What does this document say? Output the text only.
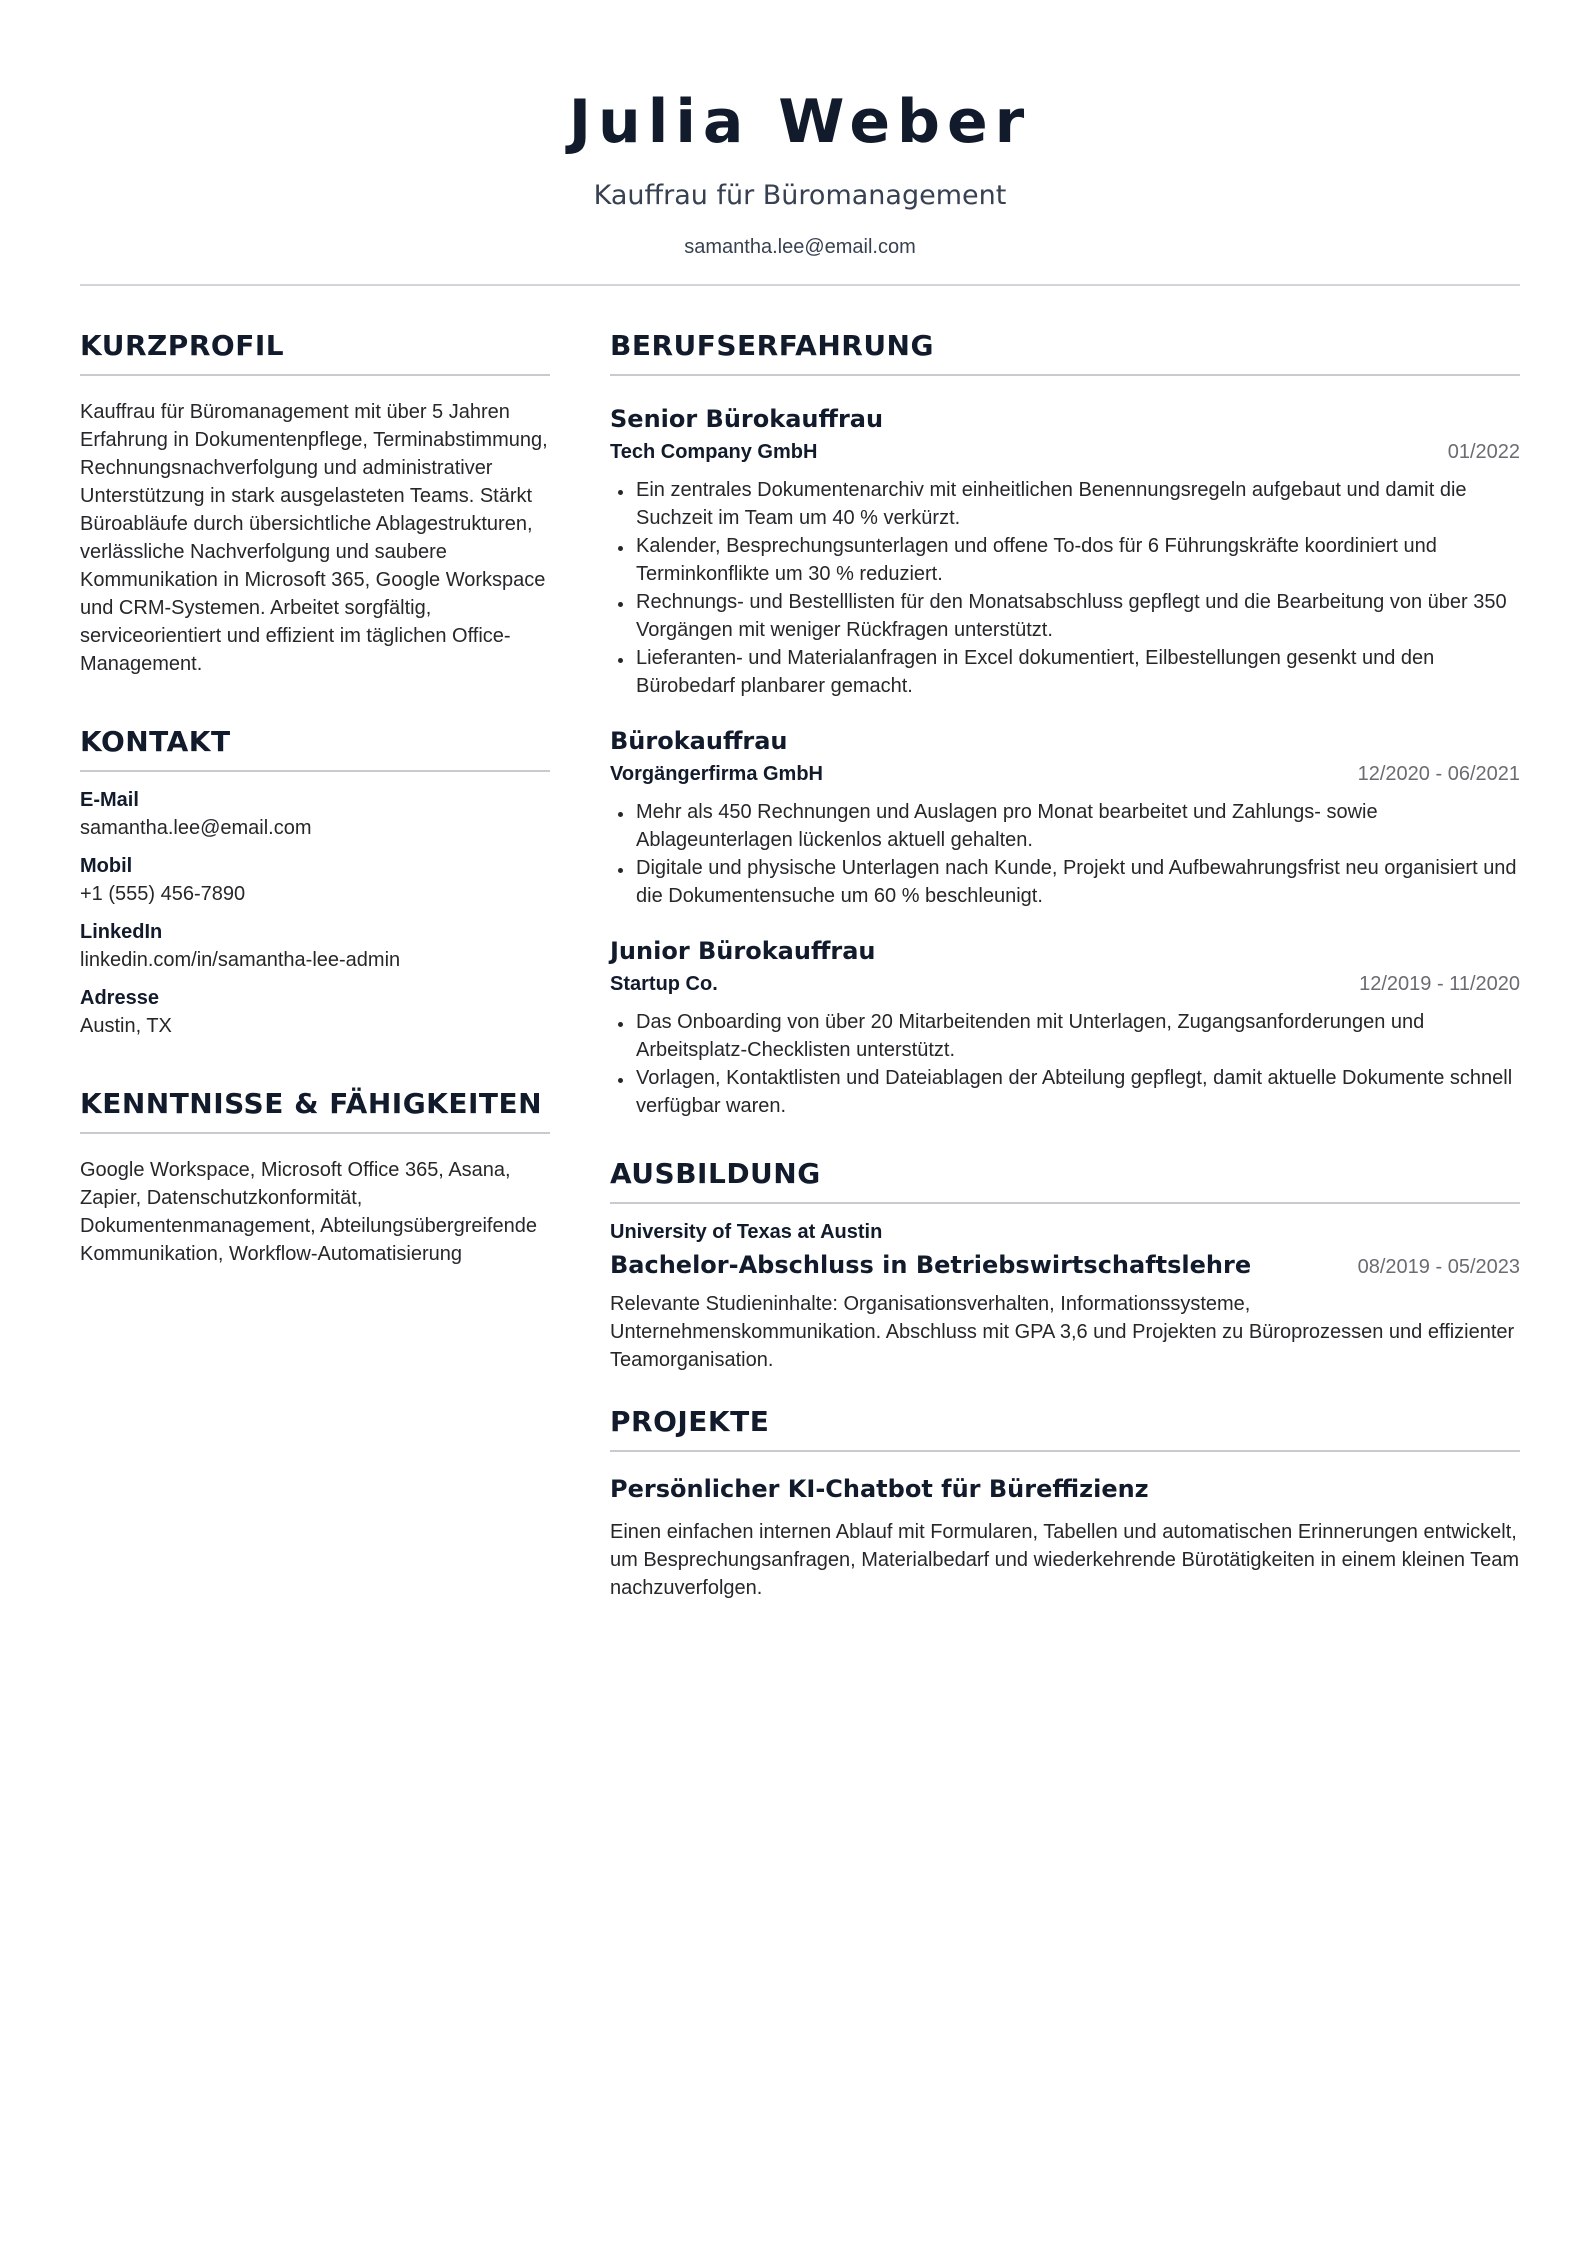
Julia Weber
Kauffrau für Büromanagement
samantha.lee@email.com
KURZPROFIL
Kauffrau für Büromanagement mit über 5 Jahren Erfahrung in Dokumentenpflege, Terminabstimmung, Rechnungsnachverfolgung und administrativer Unterstützung in stark ausgelasteten Teams. Stärkt Büroabläufe durch übersichtliche Ablagestrukturen, verlässliche Nachverfolgung und saubere Kommunikation in Microsoft 365, Google Workspace und CRM-Systemen. Arbeitet sorgfältig, serviceorientiert und effizient im täglichen Office-Management.
KONTAKT
E-Mail
samantha.lee@email.com
Mobil
+1 (555) 456-7890
LinkedIn
linkedin.com/in/samantha-lee-admin
Adresse
Austin, TX
KENNTNISSE & FÄHIGKEITEN
Google Workspace, Microsoft Office 365, Asana, Zapier, Datenschutzkonformität, Dokumentenmanagement, Abteilungsübergreifende Kommunikation, Workflow-Automatisierung
BERUFSERFAHRUNG
Senior Bürokauffrau
Tech Company GmbH	01/2022
Ein zentrales Dokumentenarchiv mit einheitlichen Benennungsregeln aufgebaut und damit die Suchzeit im Team um 40 % verkürzt.
Kalender, Besprechungsunterlagen und offene To-dos für 6 Führungskräfte koordiniert und Terminkonflikte um 30 % reduziert.
Rechnungs- und Bestelllisten für den Monatsabschluss gepflegt und die Bearbeitung von über 350 Vorgängen mit weniger Rückfragen unterstützt.
Lieferanten- und Materialanfragen in Excel dokumentiert, Eilbestellungen gesenkt und den Bürobedarf planbarer gemacht.
Bürokauffrau
Vorgängerfirma GmbH	12/2020 - 06/2021
Mehr als 450 Rechnungen und Auslagen pro Monat bearbeitet und Zahlungs- sowie Ablageunterlagen lückenlos aktuell gehalten.
Digitale und physische Unterlagen nach Kunde, Projekt und Aufbewahrungsfrist neu organisiert und die Dokumentensuche um 60 % beschleunigt.
Junior Bürokauffrau
Startup Co.	12/2019 - 11/2020
Das Onboarding von über 20 Mitarbeitenden mit Unterlagen, Zugangsanforderungen und Arbeitsplatz-Checklisten unterstützt.
Vorlagen, Kontaktlisten und Dateiablagen der Abteilung gepflegt, damit aktuelle Dokumente schnell verfügbar waren.
AUSBILDUNG
University of Texas at Austin
Bachelor-Abschluss in Betriebswirtschaftslehre	08/2019 - 05/2023
Relevante Studieninhalte: Organisationsverhalten, Informationssysteme, Unternehmenskommunikation. Abschluss mit GPA 3,6 und Projekten zu Büroprozessen und effizienter Teamorganisation.
PROJEKTE
Persönlicher KI-Chatbot für Büreffizienz
Einen einfachen internen Ablauf mit Formularen, Tabellen und automatischen Erinnerungen entwickelt, um Besprechungsanfragen, Materialbedarf und wiederkehrende Bürotätigkeiten in einem kleinen Team nachzuverfolgen.
